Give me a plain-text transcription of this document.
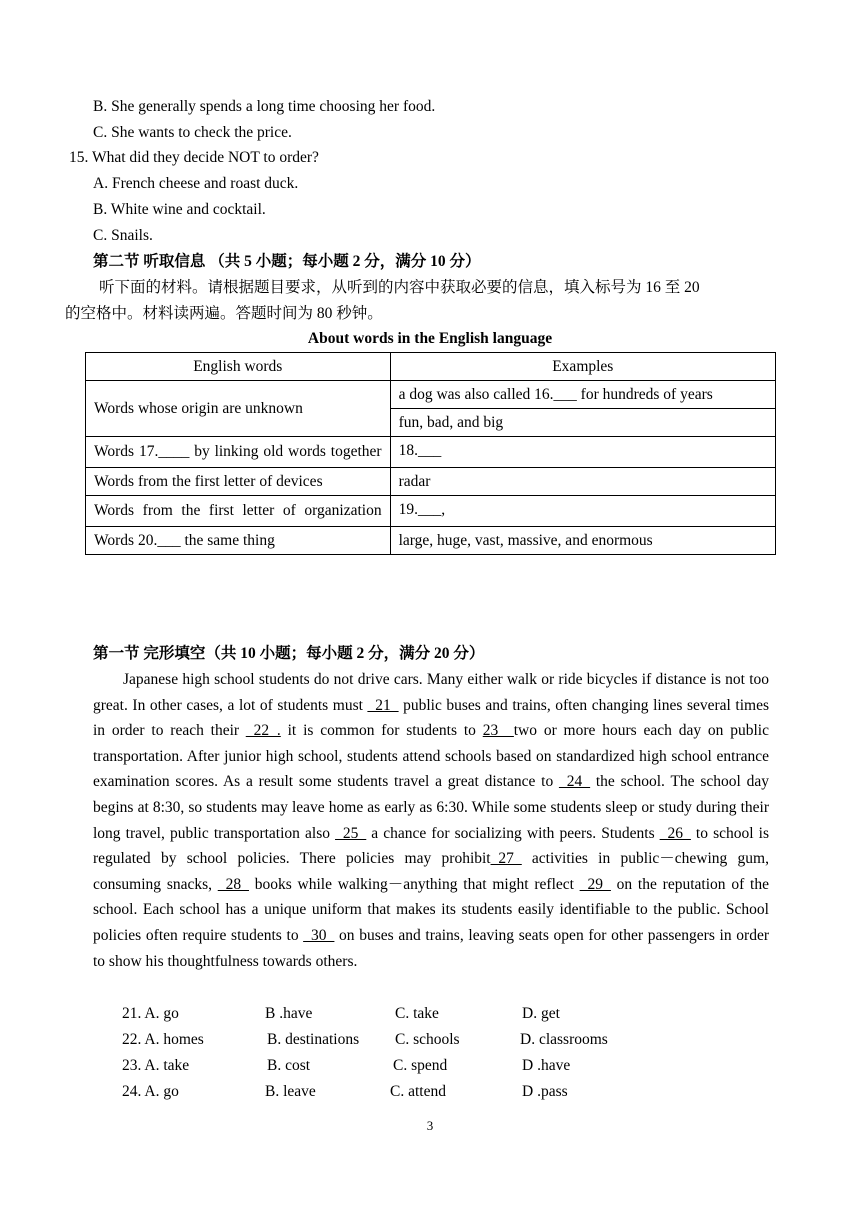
B. She generally spends a long time choosing her food.
C. She wants to check the price.
15. What did they decide NOT to order?
A. French cheese and roast duck.
B. White wine and cocktail.
C. Snails.
第二节 听取信息 （共 5 小题；每小题 2 分，满分 10 分）
听下面的材料。请根据题目要求，从听到的内容中获取必要的信息，填入标号为 16 至 20
的空格中。材料读两遍。答题时间为 80 秒钟。
About words in the English language
English words	Examples
Words whose origin are unknown	a dog was also called 16.___ for hundreds of years
	fun, bad, and big

Words 17.____ by linking old words together	18.___
Words from the first letter of devices	radar

Words from the first letter of organization	19.___,
Words 20.___ the same thing	large, huge, vast, massive, and enormous
第一节 完形填空（共 10 小题；每小题 2 分，满分 20 分）
Japanese high school students do not drive cars. Many either walk or ride bicycles if distance is not too great. In other cases, a lot of students must _21_ public buses and trains, often changing lines several times in order to reach their _22_. it is common for students to 23__two or more hours each day on public transportation. After junior high school, students attend schools based on standardized high school entrance examination scores. As a result some students travel a great distance to _24_ the school. The school day begins at 8:30, so students may leave home as early as 6:30. While some students sleep or study during their long travel, public transportation also _25_ a chance for socializing with peers. Students _26_ to school is regulated by school policies. There policies may prohibit_27_ activities in public－chewing gum, consuming snacks, _28_ books while walking－anything that might reflect _29_ on the reputation of the school. Each school has a unique uniform that makes its students easily identifiable to the public. School policies often require students to _30_ on buses and trains, leaving seats open for other passengers in order to show his thoughtfulness towards others.
21. A. go	B .have	C. take	D. get
22. A. homes	B. destinations C. schools	D. classrooms
23. A. take	B. cost	C. spend	D .have
24. A. go	B. leave	C. attend	D .pass
3
